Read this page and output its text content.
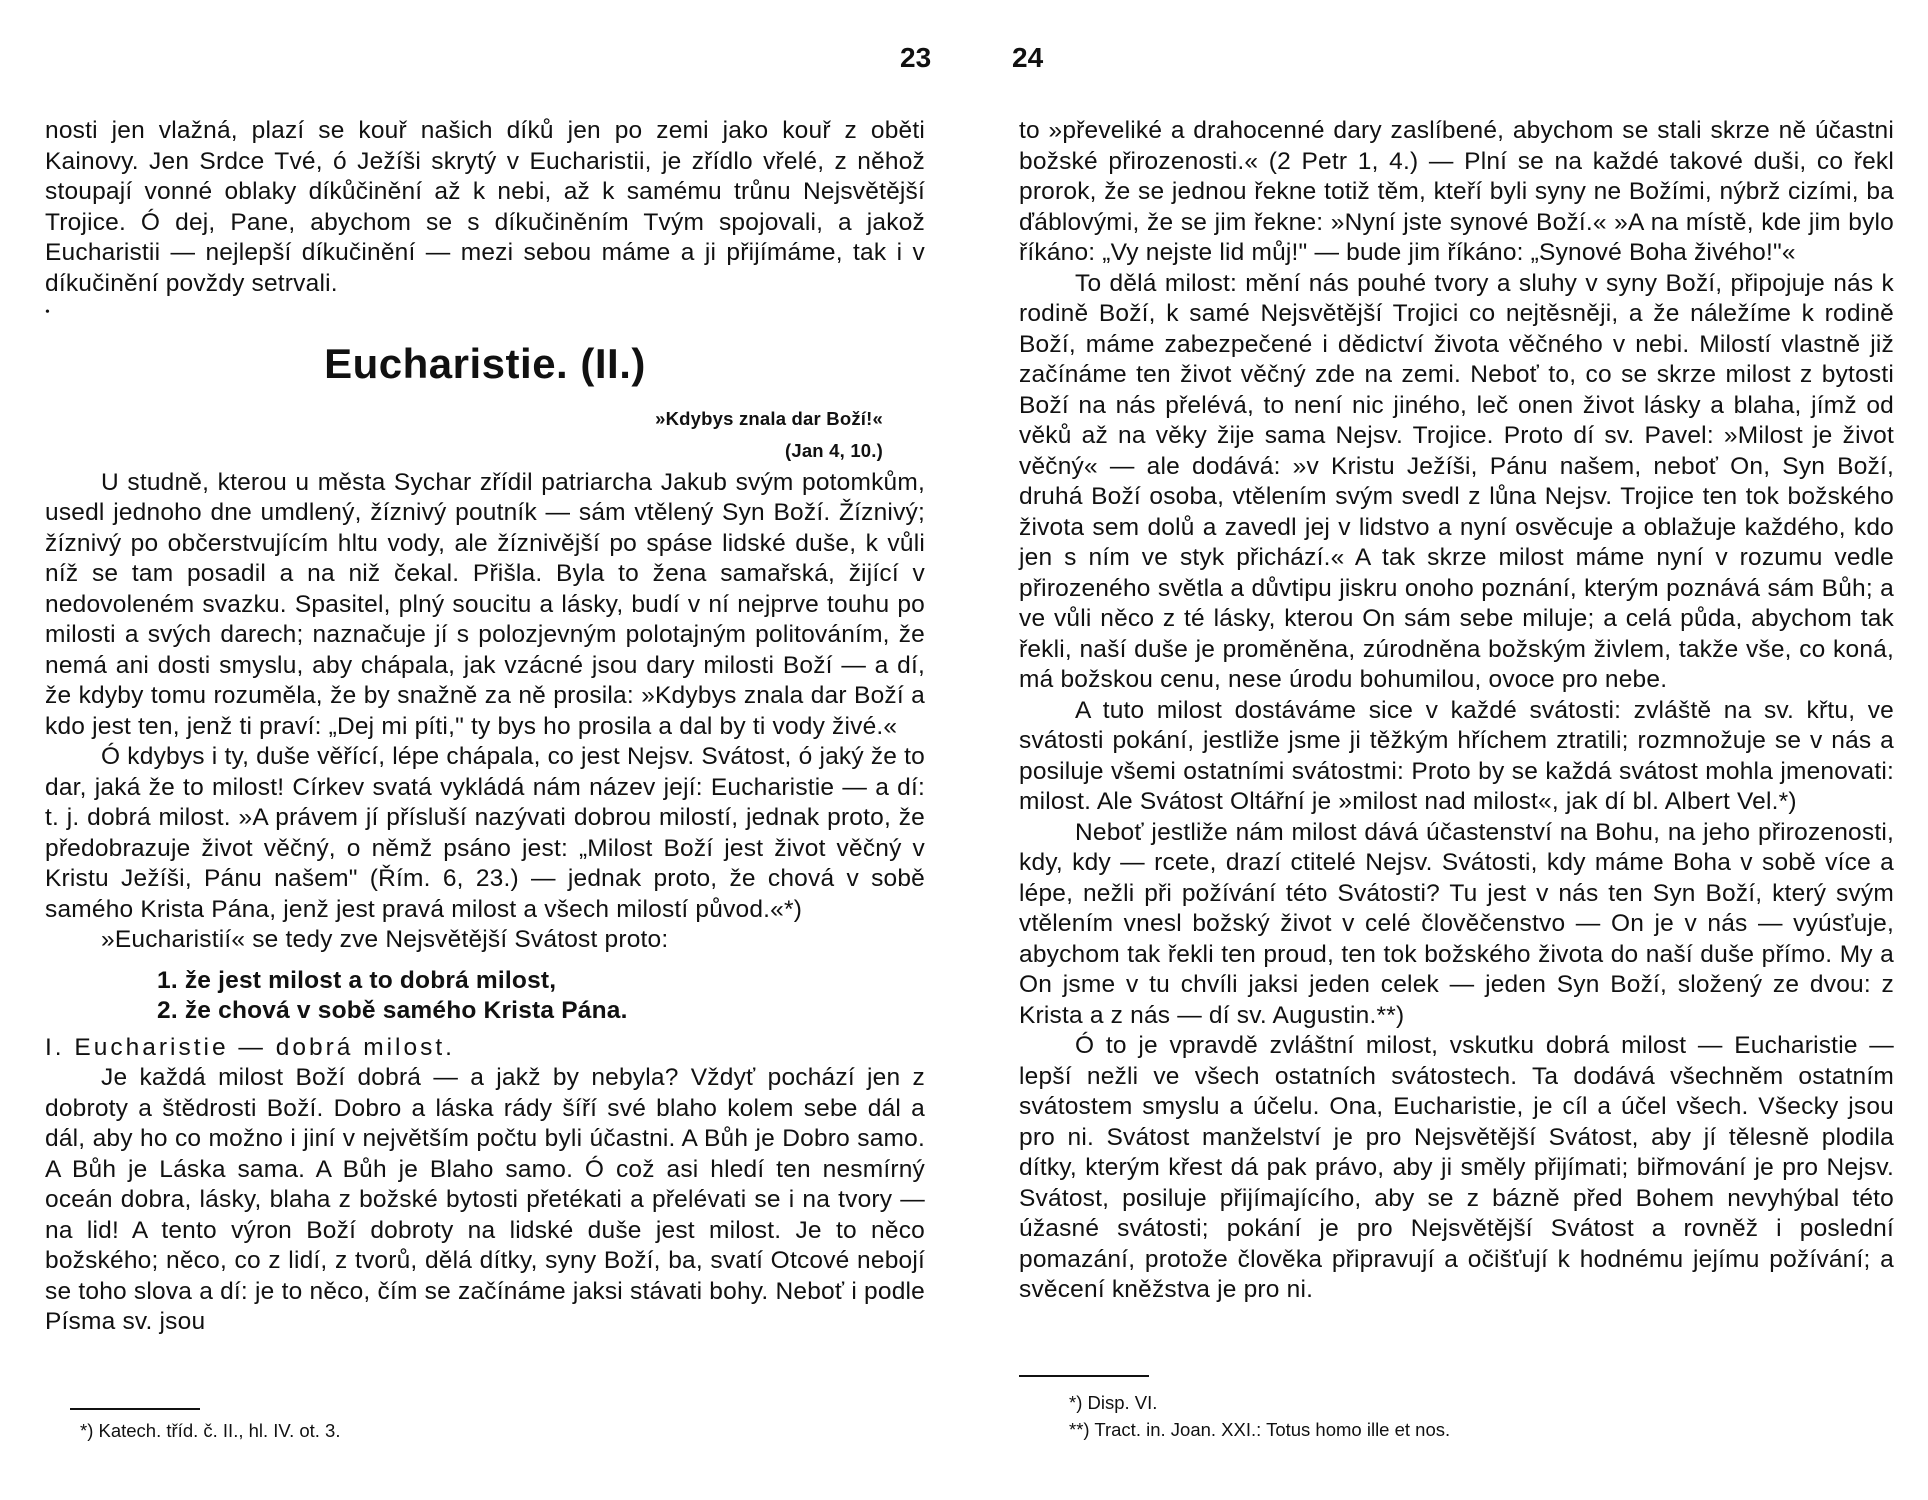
23
•

nosti jen vlažná, plazí se kouř našich díků jen po zemi jako kouř z oběti Kainovy. Jen Srdce Tvé, ó Ježíši skrytý v Eucharistii, je zřídlo vřelé, z něhož stoupají vonné oblaky díkůčinění až k nebi, až k samému trůnu Nejsvětější Trojice. Ó dej, Pane, abychom se s díkučiněním Tvým spojovali, a jakož Eucharistii — nejlepší díkučinění — mezi sebou máme a ji přijímáme, tak i v díkučinění povždy setrvali.

Eucharistie. (II.)
»Kdybys znala dar Boží!«
(Jan 4, 10.)

U studně, kterou u města Sychar zřídil patriarcha Jakub svým potomkům, usedl jednoho dne umdlený, žíznivý poutník — sám vtělený Syn Boží. Žíznivý; žíznivý po občerstvujícím hltu vody, ale žíznivější po spáse lidské duše, k vůli níž se tam posadil a na niž čekal. Přišla. Byla to žena samařská, žijící v nedovoleném svazku. Spasitel, plný soucitu a lásky, budí v ní nejprve touhu po milosti a svých darech; naznačuje jí s polozjevným polotajným politováním, že nemá ani dosti smyslu, aby chápala, jak vzácné jsou dary milosti Boží — a dí, že kdyby tomu rozuměla, že by snažně za ně prosila: »Kdybys znala dar Boží a kdo jest ten, jenž ti praví: „Dej mi píti," ty bys ho prosila a dal by ti vody živé.«

Ó kdybys i ty, duše věřící, lépe chápala, co jest Nejsv. Svátost, ó jaký že to dar, jaká že to milost! Církev svatá vykládá nám název její: Eucharistie — a dí: t. j. dobrá milost. »A právem jí přísluší nazývati dobrou milostí, jednak proto, že předobrazuje život věčný, o němž psáno jest: „Milost Boží jest život věčný v Kristu Ježíši, Pánu našem" (Řím. 6, 23.) — jednak proto, že chová v sobě samého Krista Pána, jenž jest pravá milost a všech milostí původ.«*)

»Eucharistií« se tedy zve Nejsvětější Svátost proto:

1. že jest milost a to dobrá milost,
2. že chová v sobě samého Krista Pána.

I. Eucharistie — dobrá milost.

Je každá milost Boží dobrá — a jakž by nebyla? Vždyť pochází jen z dobroty a štědrosti Boží. Dobro a láska rády šíří své blaho kolem sebe dál a dál, aby ho co možno i jiní v největším počtu byli účastni. A Bůh je Dobro samo. A Bůh je Láska sama. A Bůh je Blaho samo. Ó což asi hledí ten nesmírný oceán dobra, lásky, blaha z božské bytosti přetékati a přelévati se i na tvory — na lid! A tento výron Boží dobroty na lidské duše jest milost. Je to něco božského; něco, co z lidí, z tvorů, dělá dítky, syny Boží, ba, svatí Otcové nebojí se toho slova a dí: je to něco, čím se začínáme jaksi stávati bohy. Neboť i podle Písma sv. jsou

*) Katech. tříd. č. II., hl. IV. ot. 3.
24

to »převeliké a drahocenné dary zaslíbené, abychom se stali skrze ně účastni božské přirozenosti.« (2 Petr 1, 4.) — Plní se na každé takové duši, co řekl prorok, že se jednou řekne totiž těm, kteří byli syny ne Božími, nýbrž cizími, ba ďáblovými, že se jim řekne: »Nyní jste synové Boží.« »A na místě, kde jim bylo říkáno: „Vy nejste lid můj!" — bude jim říkáno: „Synové Boha živého!"«

To dělá milost: mění nás pouhé tvory a sluhy v syny Boží, připojuje nás k rodině Boží, k samé Nejsvětější Trojici co nejtěsněji, a že náležíme k rodině Boží, máme zabezpečené i dědictví života věčného v nebi. Milostí vlastně již začínáme ten život věčný zde na zemi. Neboť to, co se skrze milost z bytosti Boží na nás přelévá, to není nic jiného, leč onen život lásky a blaha, jímž od věků až na věky žije sama Nejsv. Trojice. Proto dí sv. Pavel: »Milost je život věčný« — ale dodává: »v Kristu Ježíši, Pánu našem, neboť On, Syn Boží, druhá Boží osoba, vtělením svým svedl z lůna Nejsv. Trojice ten tok božského života sem dolů a zavedl jej v lidstvo a nyní osvěcuje a oblažuje každého, kdo jen s ním ve styk přichází.« A tak skrze milost máme nyní v rozumu vedle přirozeného světla a důvtipu jiskru onoho poznání, kterým poznává sám Bůh; a ve vůli něco z té lásky, kterou On sám sebe miluje; a celá půda, abychom tak řekli, naší duše je proměněna, zúrodněna božským živlem, takže vše, co koná, má božskou cenu, nese úrodu bohumilou, ovoce pro nebe.

A tuto milost dostáváme sice v každé svátosti: zvláště na sv. křtu, ve svátosti pokání, jestliže jsme ji těžkým hříchem ztratili; rozmnožuje se v nás a posiluje všemi ostatními svátostmi: Proto by se každá svátost mohla jmenovati: milost. Ale Svátost Oltářní je »milost nad milost«, jak dí bl. Albert Vel.*)

Neboť jestliže nám milost dává účastenství na Bohu, na jeho přirozenosti, kdy, kdy — rcete, drazí ctitelé Nejsv. Svátosti, kdy máme Boha v sobě více a lépe, nežli při požívání této Svátosti? Tu jest v nás ten Syn Boží, který svým vtělením vnesl božský život v celé člověčenstvo — On je v nás — vyúsťuje, abychom tak řekli ten proud, ten tok božského života do naší duše přímo. My a On jsme v tu chvíli jaksi jeden celek — jeden Syn Boží, složený ze dvou: z Krista a z nás — dí sv. Augustin.**)

Ó to je vpravdě zvláštní milost, vskutku dobrá milost — Eucharistie — lepší nežli ve všech ostatních svátostech. Ta dodává všechněm ostatním svátostem smyslu a účelu. Ona, Eucharistie, je cíl a účel všech. Všecky jsou pro ni. Svátost manželství je pro Nejsvětější Svátost, aby jí tělesně plodila dítky, kterým křest dá pak právo, aby ji směly přijímati; biřmování je pro Nejsv. Svátost, posiluje přijímajícího, aby se z bázně před Bohem nevyhýbal této úžasné svátosti; pokání je pro Nejsvětější Svátost a rovněž i poslední pomazání, protože člověka připravují a očišťují k hodnému jejímu požívání; a svěcení kněžstva je pro ni.

*) Disp. VI.
**) Tract. in. Joan. XXI.: Totus homo ille et nos.
